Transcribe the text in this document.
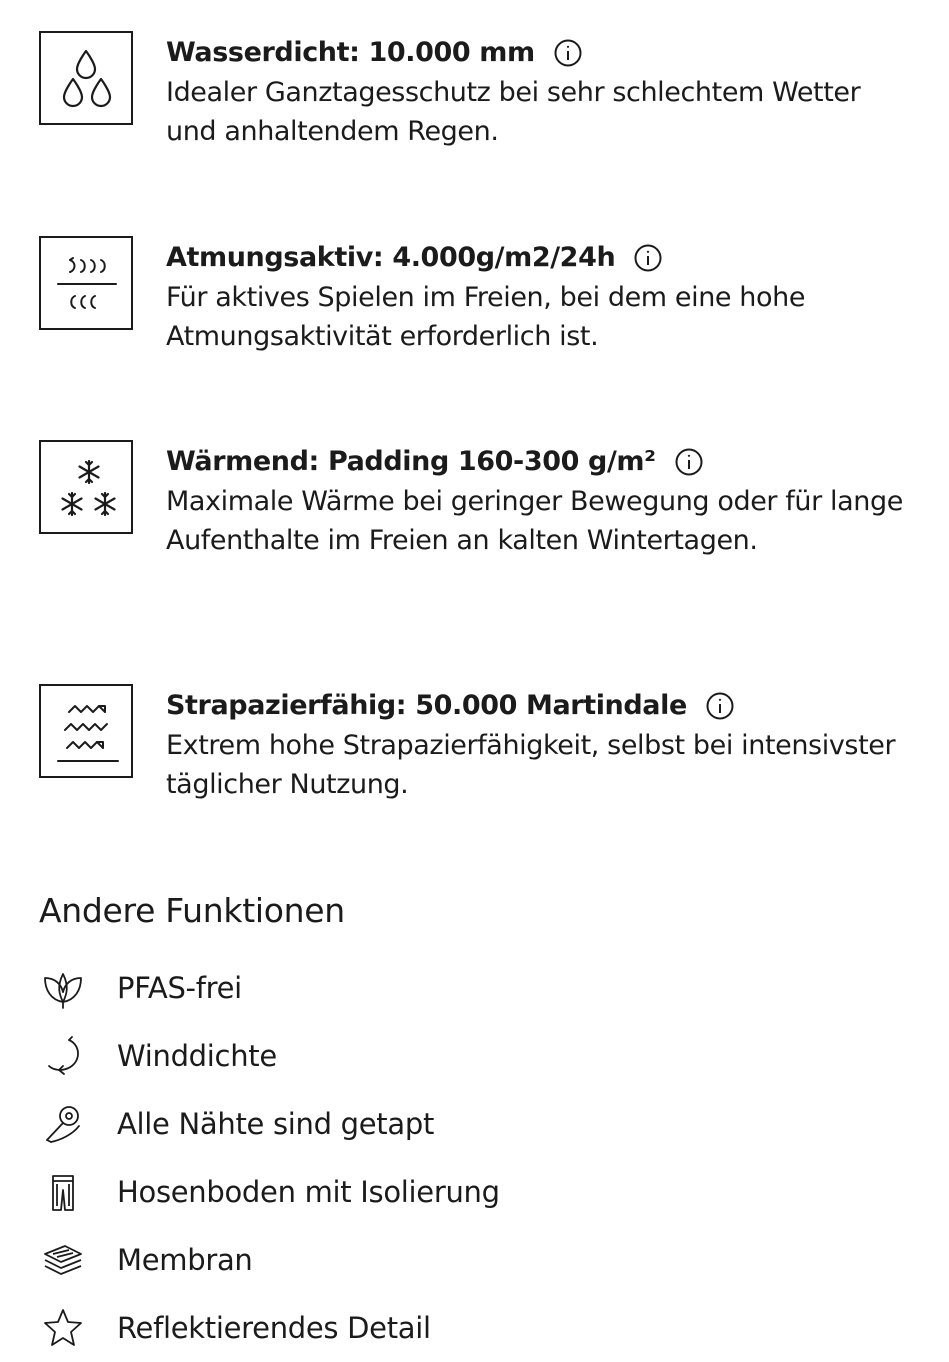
Wasserdicht: 10.000 mm
Idealer Ganztagesschutz bei sehr schlechtem Wetter und anhaltendem Regen.
Atmungsaktiv: 4.000g/m2/24h
Für aktives Spielen im Freien, bei dem eine hohe Atmungsaktivität erforderlich ist.
Wärmend: Padding 160-300 g/m²
Maximale Wärme bei geringer Bewegung oder für lange Aufenthalte im Freien an kalten Wintertagen.
Strapazierfähig: 50.000 Martindale
Extrem hohe Strapazierfähigkeit, selbst bei intensivster täglicher Nutzung.
Andere Funktionen
PFAS-frei
Winddichte
Alle Nähte sind getapt
Hosenboden mit Isolierung
Membran
Reflektierendes Detail
